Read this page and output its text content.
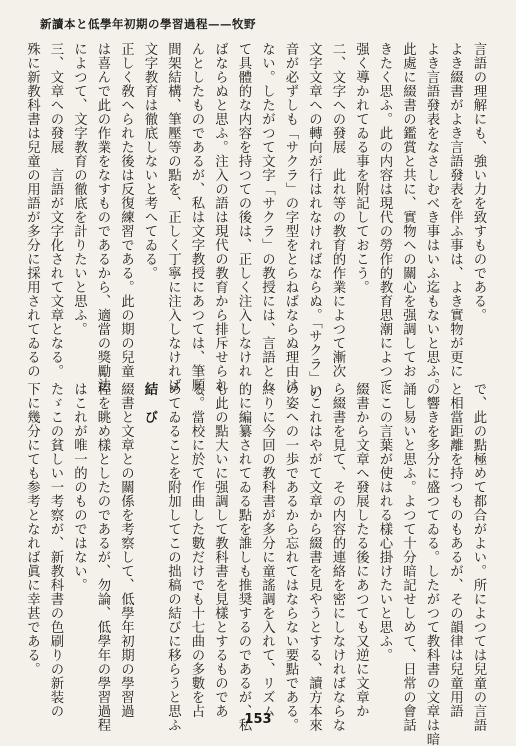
新讀本と低學年初期の學習過程——牧野
言語の理解にも、強い力を致すものである。
よき綴書がよき言語發表を伴ふ事は、よき實物が更に
よき言語發表をなさしむべき事はいふ迄もないと思ふ。
此處に綴書の鑑賞と共に、實物への關心を强調してお
きたく思ふ。此の内容は現代の勞作的教育思潮によつて
强く導かれてゐる事を附記しておこう。
二、文字への發展　此れ等の教育的作業によつて漸次
文字文章への轉向が行はれなければならぬ。「サクラ」の
音が必ずしも「サクラ」の字型をとらねばならぬ理由は
ない。したがつて文字「サクラ」の教授には、言語とし
て具體的な内容を持つての後は、正しく注入しなけれ
ばならぬと思ふ。注入の語は現代の教育から排斥せられ
んとしたものであるが、私は文字教授にあつては、筆順、
間架結構、筆壓等の點を、正しく丁寧に注入しなければ
文字教育は徹底しないと考へてゐる。
正しく敎へられた後は反復練習である。此の期の兒童
は喜んで此の作業をなすものであるから、適當の獎勵法
によつて、文字教育の徹底を計りたいと思ふ。
三、文章への發展　言語が文字化されて文章となる。
殊に新教科書は兒童の用語が多分に採用されてゐるの
で、此の點極めて都合がよい。所によつては兒童の言語
と相當距離を持つものもあるが、その韻律は兒童用語
の響きを多分に盛つてゐる。したがつて教科書の文章は暗
誦し易いと思ふ。よつて十分暗記せしめて、日常の會話
にこの言葉が使はれる樣心掛けたいと思ふ。
綴書から文章へ發展したる後にあつても又逆に文章か
ら綴書を見て、その内容的連絡を密にしなければならな
いこれはやがて文章から綴書を見やうとする、讀方本來
の姿への一歩であるから忘れてはならない要點である。
終りに今回の教科書が多分に童謠調を入れて、リズム
的に編纂されてゐる點を誰しも推奨するのであるが、私
も此の點大いに强調して教科書を見樣とするものであ
る。當校に於て作曲した數だけでも十七曲の多數を占
めてゐることを附加してこの拙稿の結びに移らうと思ふ
結　び
綴書と文章との關係を考察して、低學年初期の學習過
程を眺め樣としたのであるが、勿論、低學年の學習過程
はこれが唯一的のものではない。
たゞこの貧しい一考察が、新教科書の色刷りの新装の
下に幾分にても参考となれば眞に幸甚である。
153
